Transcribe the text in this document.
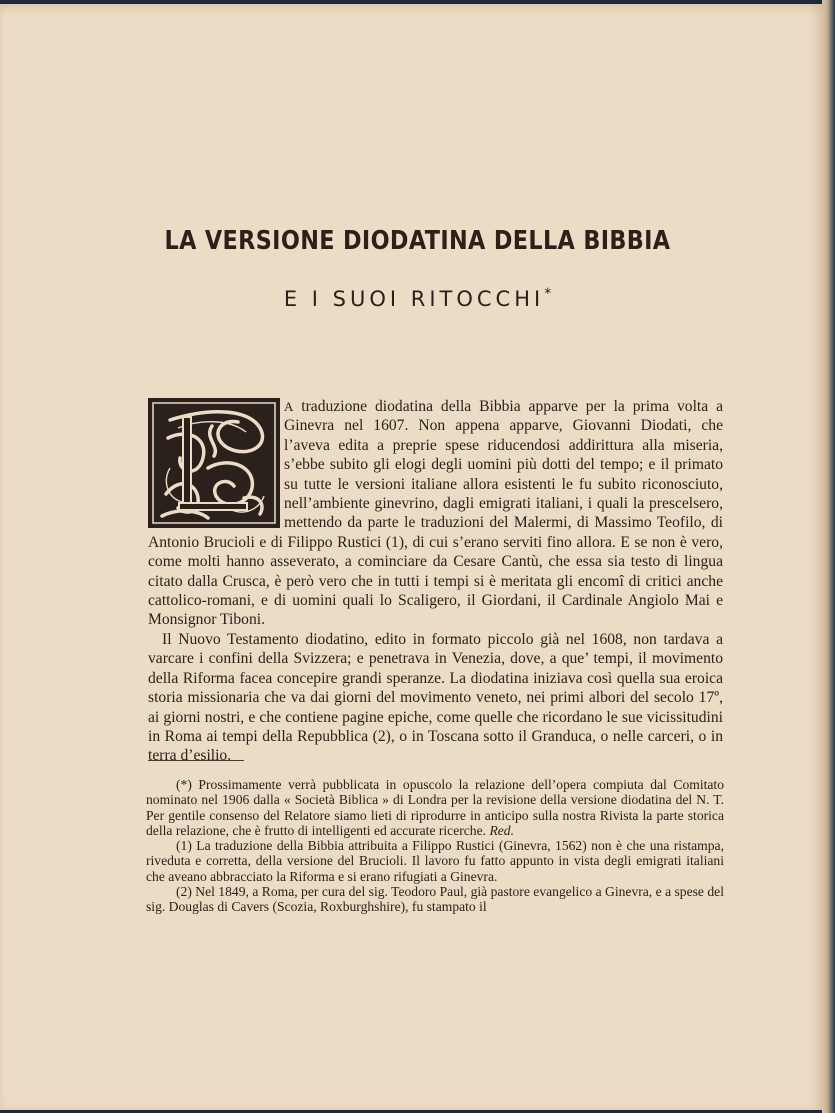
LA VERSIONE DIODATINA DELLA BIBBIA
E I SUOI RITOCCHI*

A traduzione diodatina della Bibbia apparve per la prima volta a Ginevra nel 1607. Non appena apparve, Giovanni Diodati, che l’aveva edita a preprie spese riducendosi addirittura alla miseria, s’ebbe subito gli elogi degli uomini più dotti del tempo; e il primato su tutte le versioni italiane allora esistenti le fu subito riconosciuto, nell’ambiente ginevrino, dagli emigrati italiani, i quali la prescelsero, mettendo da parte le traduzioni del Malermi, di Massimo Teofilo, di Antonio Brucioli e di Filippo Rustici (1), di cui s’erano serviti fino allora. E se non è vero, come molti hanno asseverato, a cominciare da Cesare Cantù, che essa sia testo di lingua citato dalla Crusca, è però vero che in tutti i tempi si è meritata gli encomî di critici anche cattolico-romani, e di uomini quali lo Scaligero, il Giordani, il Cardinale Angiolo Mai e Monsignor Tiboni.

Il Nuovo Testamento diodatino, edito in formato piccolo già nel 1608, non tardava a varcare i confini della Svizzera; e penetrava in Venezia, dove, a que’ tempi, il movimento della Riforma facea concepire grandi speranze. La diodatina iniziava così quella sua eroica storia missionaria che va dai giorni del movimento veneto, nei primi albori del secolo 17º, ai giorni nostri, e che contiene pagine epiche, come quelle che ricordano le sue vicissitudini in Roma ai tempi della Repubblica (2), o in Toscana sotto il Granduca, o nelle carceri, o in terra d’esilio.

(*) Prossimamente verrà pubblicata in opuscolo la relazione dell’opera compiuta dal Comitato nominato nel 1906 dalla « Società Biblica » di Londra per la revisione della versione diodatina del N. T. Per gentile consenso del Relatore siamo lieti di riprodurre in anticipo sulla nostra Rivista la parte storica della relazione, che è frutto di intelligenti ed accurate ricerche. Red.

(1) La traduzione della Bibbia attribuita a Filippo Rustici (Ginevra, 1562) non è che una ristampa, riveduta e corretta, della versione del Brucioli. Il lavoro fu fatto appunto in vista degli emigrati italiani che aveano abbracciato la Riforma e si erano rifugiati a Ginevra.

(2) Nel 1849, a Roma, per cura del sig. Teodoro Paul, già pastore evangelico a Ginevra, e a spese del sig. Douglas di Cavers (Scozia, Roxburghshire), fu stampato il
